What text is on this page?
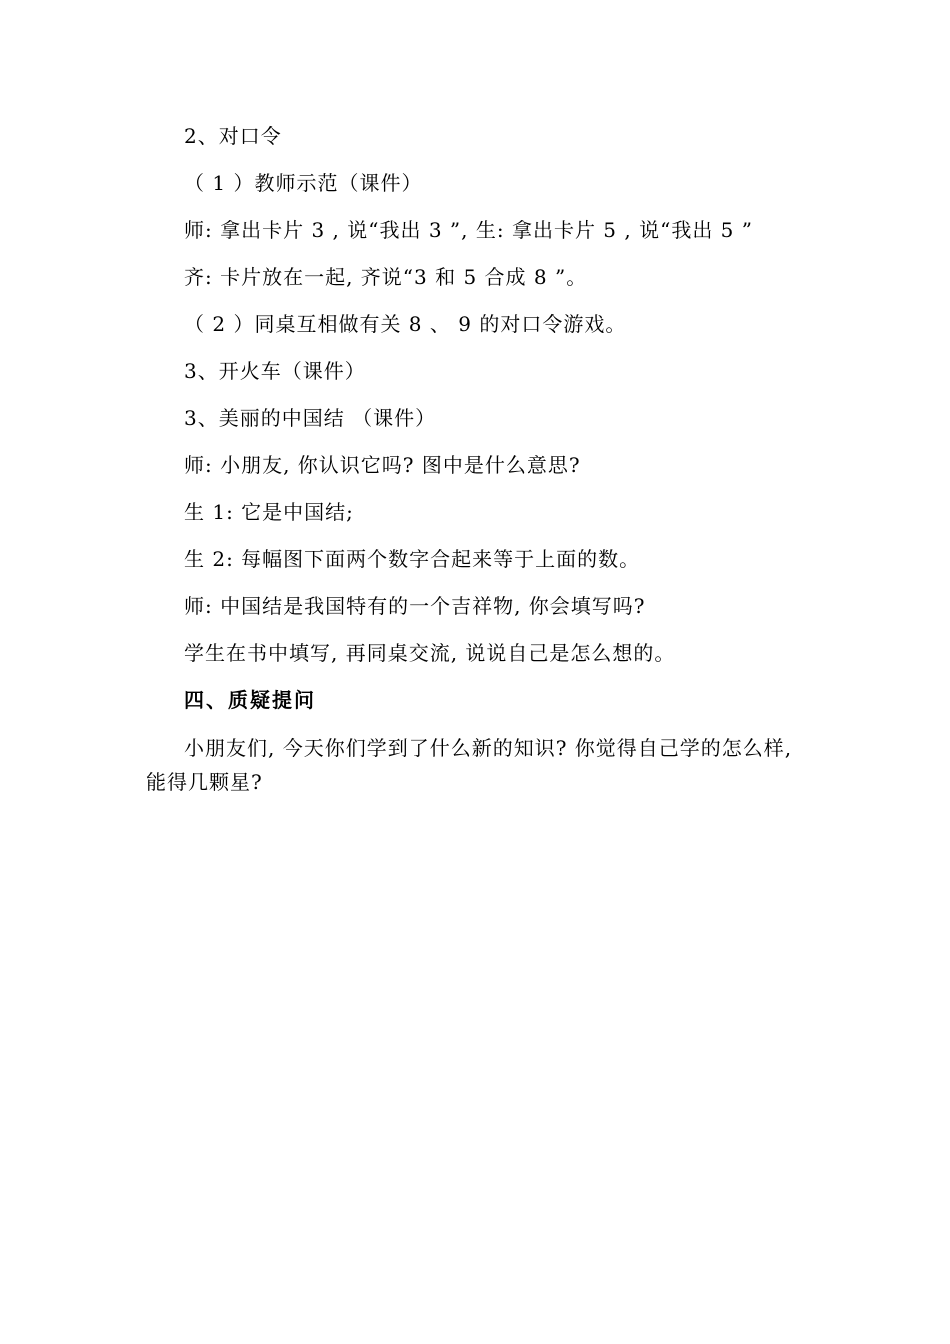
2、对口令
（ 1 ）教师示范（课件）
师: 拿出卡片 3 , 说“我出 3 ”, 生: 拿出卡片 5 , 说“我出 5 ”
齐: 卡片放在一起, 齐说“3 和 5 合成 8 ”。
（ 2 ）同桌互相做有关 8 、 9 的对口令游戏。
3、开火车（课件）
3、美丽的中国结 （课件）
师: 小朋友, 你认识它吗? 图中是什么意思?
生 1: 它是中国结;
生 2: 每幅图下面两个数字合起来等于上面的数。
师: 中国结是我国特有的一个吉祥物, 你会填写吗?
学生在书中填写, 再同桌交流, 说说自己是怎么想的。
四、质疑提问
小朋友们, 今天你们学到了什么新的知识? 你觉得自己学的怎么样, 能得几颗星?
